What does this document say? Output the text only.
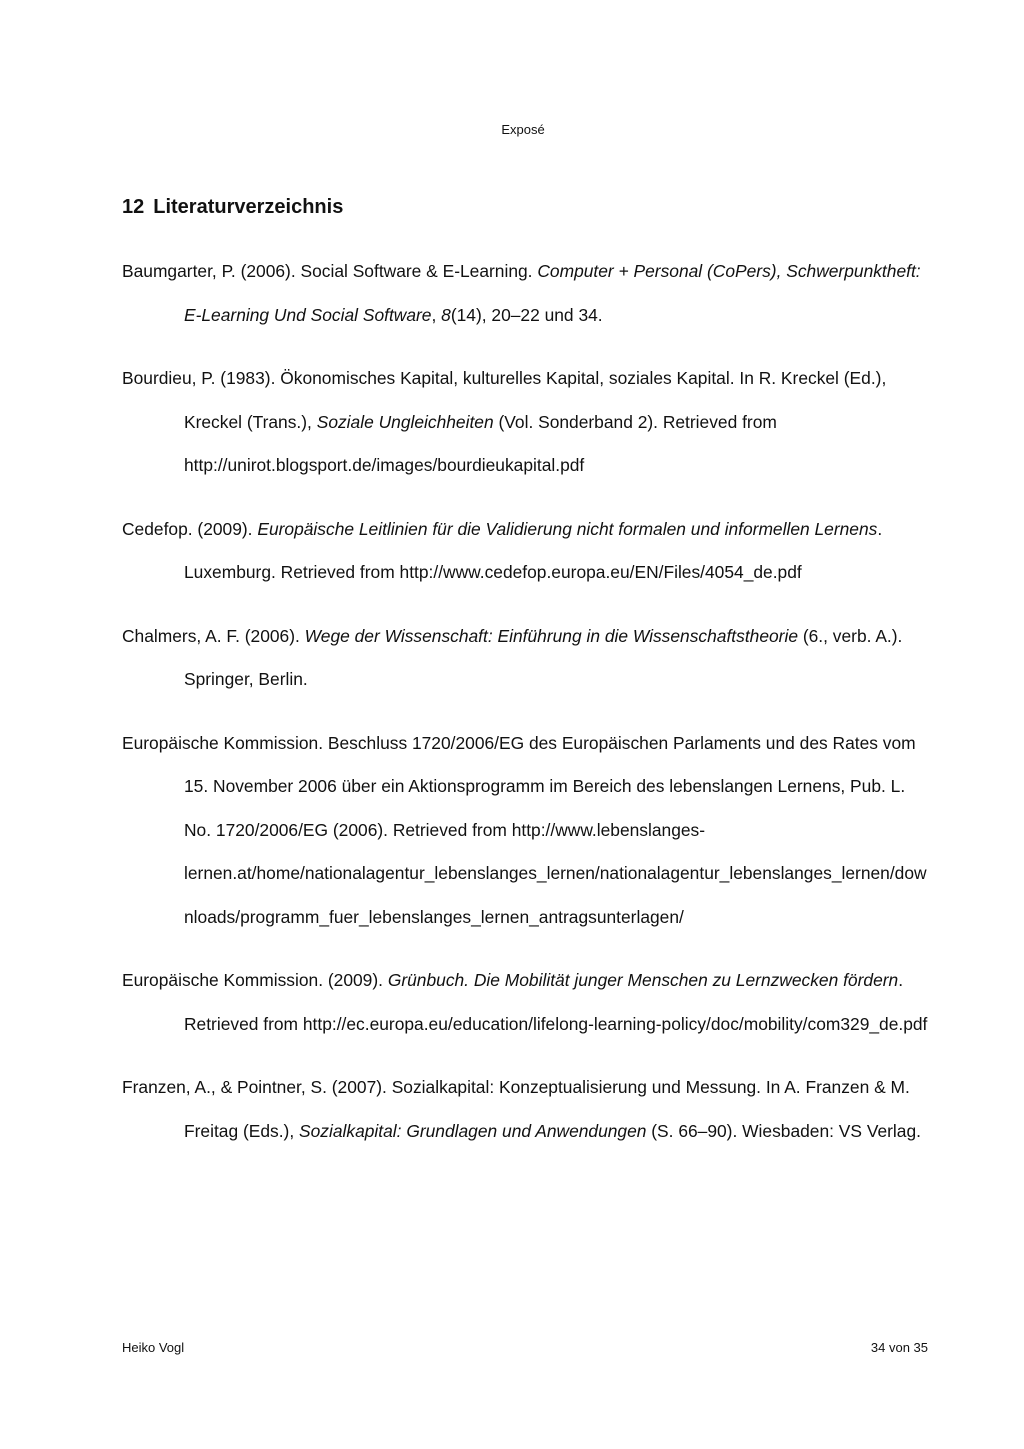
Exposé
12 Literaturverzeichnis

Baumgarter, P. (2006). Social Software & E-Learning. Computer + Personal (CoPers), Schwerpunktheft: E-Learning Und Social Software, 8(14), 20–22 und 34.

Bourdieu, P. (1983). Ökonomisches Kapital, kulturelles Kapital, soziales Kapital. In R. Kreckel (Ed.), Kreckel (Trans.), Soziale Ungleichheiten (Vol. Sonderband 2). Retrieved from http://unirot.blogsport.de/images/bourdieukapital.pdf

Cedefop. (2009). Europäische Leitlinien für die Validierung nicht formalen und informellen Lernens. Luxemburg. Retrieved from http://www.cedefop.europa.eu/EN/Files/4054_de.pdf

Chalmers, A. F. (2006). Wege der Wissenschaft: Einführung in die Wissenschaftstheorie (6., verb. A.). Springer, Berlin.

Europäische Kommission. Beschluss 1720/2006/EG des Europäischen Parlaments und des Rates vom 15. November 2006 über ein Aktionsprogramm im Bereich des lebenslangen Lernens, Pub. L. No. 1720/2006/EG (2006). Retrieved from http://www.lebenslanges-lernen.at/home/nationalagentur_lebenslanges_lernen/nationalagentur_lebenslanges_lernen/downloads/programm_fuer_lebenslanges_lernen_antragsunterlagen/

Europäische Kommission. (2009). Grünbuch. Die Mobilität junger Menschen zu Lernzwecken fördern. Retrieved from http://ec.europa.eu/education/lifelong-learning-policy/doc/mobility/com329_de.pdf

Franzen, A., & Pointner, S. (2007). Sozialkapital: Konzeptualisierung und Messung. In A. Franzen & M. Freitag (Eds.), Sozialkapital: Grundlagen und Anwendungen (S. 66–90). Wiesbaden: VS Verlag.

Heiko Vogl	34 von 35
